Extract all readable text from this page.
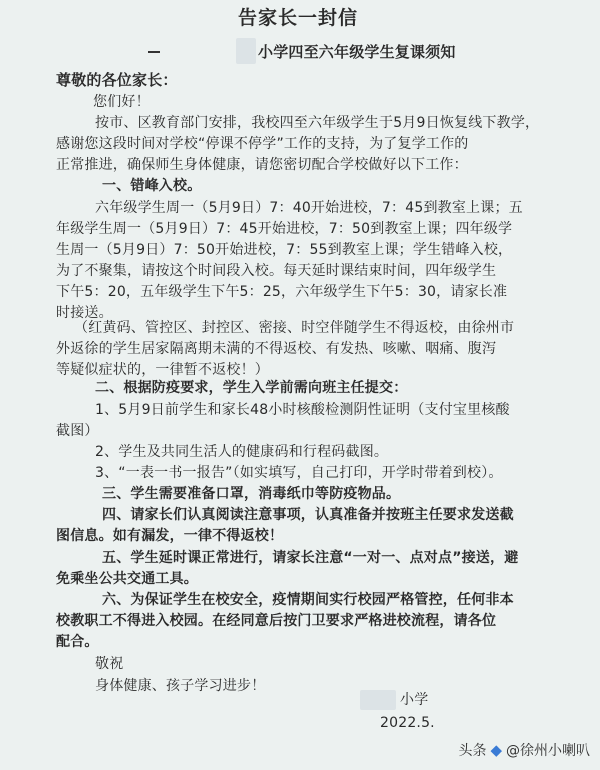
告家长一封信
小学四至六年级学生复课须知
尊敬的各位家长：
您们好！
按市、区教育部门安排，我校四至六年级学生于5月9日恢复线下教学，
感谢您这段时间对学校“停课不停学”工作的支持，为了复学工作的
正常推进，确保师生身体健康，请您密切配合学校做好以下工作：
一、错峰入校。
六年级学生周一（5月9日）7：40开始进校，7：45到教室上课；五
年级学生周一（5月9日）7：45开始进校，7：50到教室上课；四年级学
生周一（5月9日）7：50开始进校，7：55到教室上课；学生错峰入校，
为了不聚集，请按这个时间段入校。每天延时课结束时间，四年级学生
下午5：20，五年级学生下午5：25，六年级学生下午5：30，请家长准
时接送。
（红黄码、管控区、封控区、密接、时空伴随学生不得返校，由徐州市
外返徐的学生居家隔离期未满的不得返校、有发热、咳嗽、咽痛、腹泻
等疑似症状的，一律暂不返校！）
二、根据防疫要求，学生入学前需向班主任提交：
1、5月9日前学生和家长48小时核酸检测阴性证明（支付宝里核酸
截图）
2、学生及共同生活人的健康码和行程码截图。
3、“一表一书一报告”（如实填写，自己打印，开学时带着到校）。
三、学生需要准备口罩，消毒纸巾等防疫物品。
四、请家长们认真阅读注意事项，认真准备并按班主任要求发送截
图信息。如有漏发，一律不得返校！
五、学生延时课正常进行，请家长注意“一对一、点对点”接送，避
免乘坐公共交通工具。
六、为保证学生在校安全，疫情期间实行校园严格管控，任何非本
校教职工不得进入校园。在经同意后按门卫要求严格进校流程，请各位
配合。
敬祝
身体健康、孩子学习进步！
小学
2022.5.
头条 ◆ @徐州小喇叭
